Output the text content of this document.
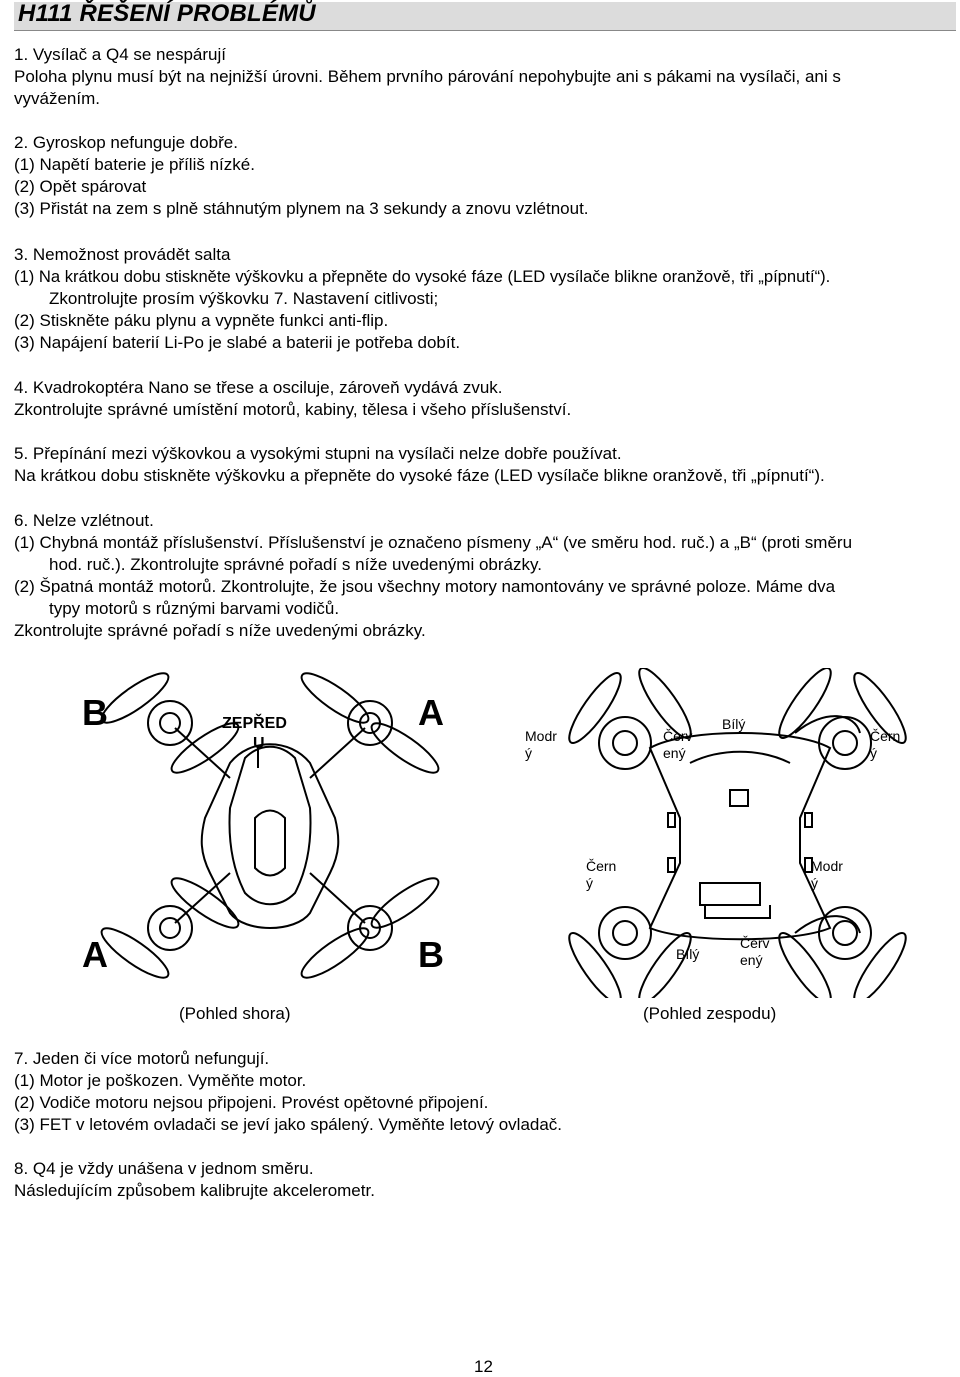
H111 ŘEŠENÍ PROBLÉMŮ
1. Vysílač a Q4 se nespárují
Poloha plynu musí být na nejnižší úrovni. Během prvního párování nepohybujte ani s pákami na vysílači, ani s
vyvážením.
2. Gyroskop nefunguje dobře.
(1) Napětí baterie je příliš nízké.
(2) Opět spárovat
(3) Přistát na zem s plně stáhnutým plynem na 3 sekundy a znovu vzlétnout.
3. Nemožnost provádět salta
(1) Na krátkou dobu stiskněte výškovku a přepněte do vysoké fáze (LED vysílače blikne oranžově, tři „pípnutí“).
Zkontrolujte prosím výškovku 7. Nastavení citlivosti;
(2) Stiskněte páku plynu a vypněte funkci anti-flip.
(3) Napájení baterií Li-Po je slabé a baterii je potřeba dobít.
4. Kvadrokoptéra Nano se třese a osciluje, zároveň vydává zvuk.
Zkontrolujte správné umístění motorů, kabiny, tělesa i všeho příslušenství.
5. Přepínání mezi výškovkou a vysokými stupni na vysílači nelze dobře používat.
Na krátkou dobu stiskněte výškovku a přepněte do vysoké fáze (LED vysílače blikne oranžově, tři „pípnutí“).
6. Nelze vzlétnout.
(1) Chybná montáž příslušenství. Příslušenství je označeno písmeny „A“ (ve směru hod. ruč.) a „B“ (proti směru
hod. ruč.). Zkontrolujte správné pořadí s níže uvedenými obrázky.
(2) Špatná montáž motorů. Zkontrolujte, že jsou všechny motory namontovány ve správné poloze. Máme dva
typy motorů s různými barvami vodičů.
Zkontrolujte správné pořadí s níže uvedenými obrázky.
B	A
A	B
ZEPŘED
U
(Pohled shora)
Modr
ý
Červ
ený
Bílý
Čern
ý
Čern
ý
Modr
ý
Bílý
Červ
ený
(Pohled zespodu)
7. Jeden či více motorů nefungují.
(1) Motor je poškozen. Vyměňte motor.
(2) Vodiče motoru nejsou připojeni. Provést opětovné připojení.
(3) FET v letovém ovladači se jeví jako spálený. Vyměňte letový ovladač.
8. Q4 je vždy unášena v jednom směru.
Následujícím způsobem kalibrujte akcelerometr.
12
